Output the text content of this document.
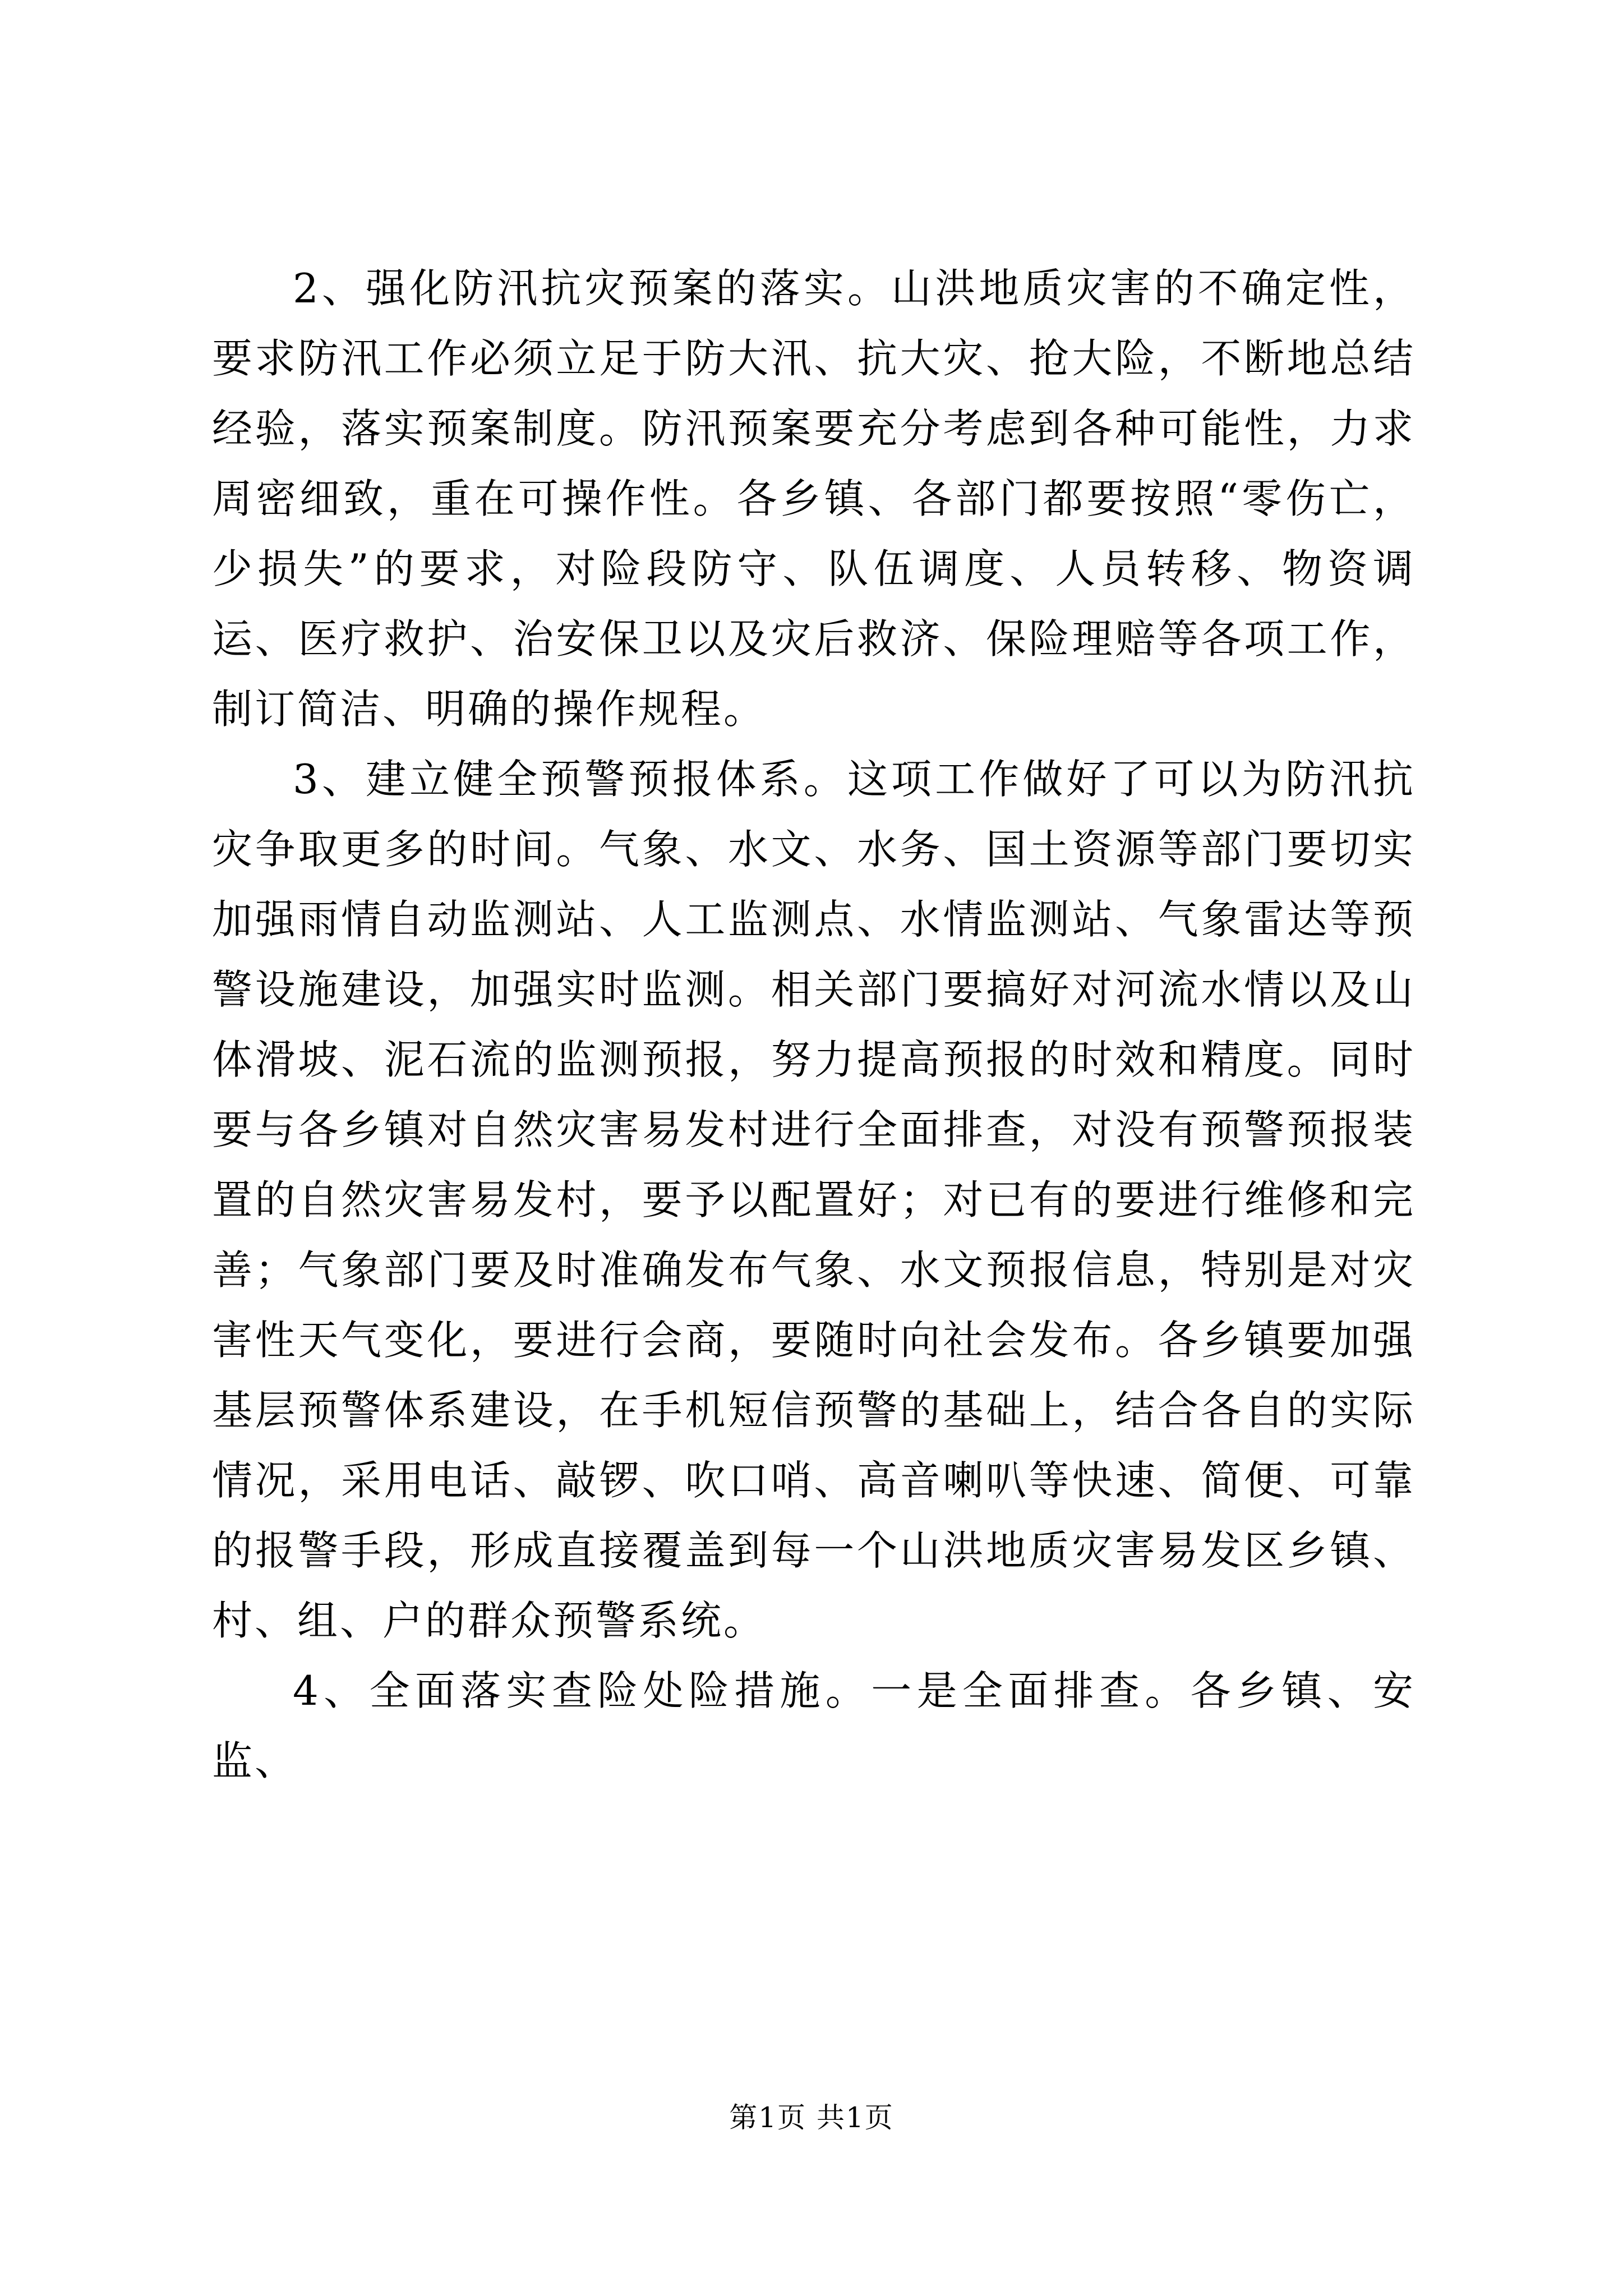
2、强化防汛抗灾预案的落实。山洪地质灾害的不确定性，要求防汛工作必须立足于防大汛、抗大灾、抢大险，不断地总结经验，落实预案制度。防汛预案要充分考虑到各种可能性，力求周密细致，重在可操作性。各乡镇、各部门都要按照“零伤亡，少损失”的要求，对险段防守、队伍调度、人员转移、物资调运、医疗救护、治安保卫以及灾后救济、保险理赔等各项工作，制订简洁、明确的操作规程。

3、建立健全预警预报体系。这项工作做好了可以为防汛抗灾争取更多的时间。气象、水文、水务、国土资源等部门要切实加强雨情自动监测站、人工监测点、水情监测站、气象雷达等预警设施建设，加强实时监测。相关部门要搞好对河流水情以及山体滑坡、泥石流的监测预报，努力提高预报的时效和精度。同时要与各乡镇对自然灾害易发村进行全面排查，对没有预警预报装置的自然灾害易发村，要予以配置好；对已有的要进行维修和完善；气象部门要及时准确发布气象、水文预报信息，特别是对灾害性天气变化，要进行会商，要随时向社会发布。各乡镇要加强基层预警体系建设，在手机短信预警的基础上，结合各自的实际情况，采用电话、敲锣、吹口哨、高音喇叭等快速、简便、可靠的报警手段，形成直接覆盖到每一个山洪地质灾害易发区乡镇、村、组、户的群众预警系统。

4、全面落实查险处险措施。一是全面排查。各乡镇、安监、

第1页 共1页
